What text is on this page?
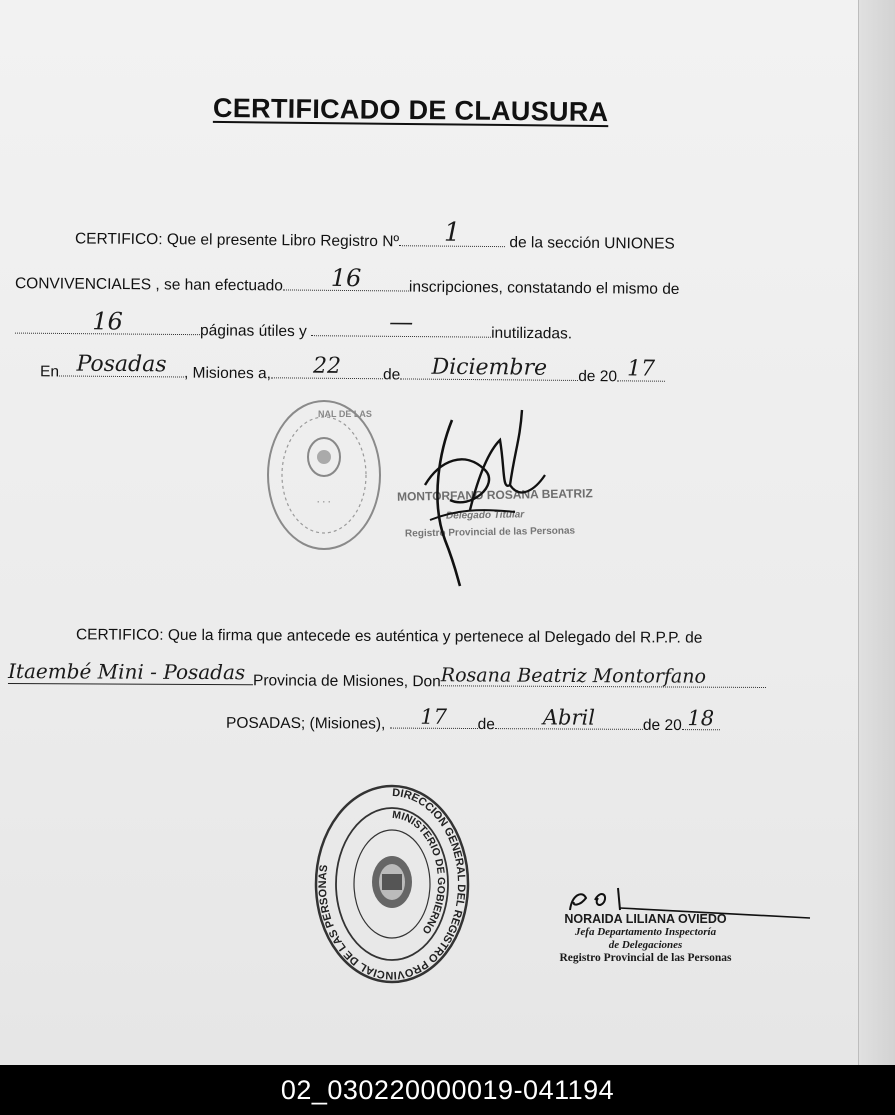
CERTIFICADO DE CLAUSURA
CERTIFICO: Que el presente Libro Registro Nº 1	de la sección UNIONES
CONVIVENCIALES , se han efectuado 16	inscripciones, constatando el mismo de
16	páginas útiles y	—	inutilizadas.
En Posadas , Misiones a, 22	de Diciembre de 20 17
· · ·
NAL DE LAS
MONTORFANO ROSANA BEATRIZ
Delegado Titular
Registro Provincial de las Personas
CERTIFICO: Que la firma que antecede es auténtica y pertenece al Delegado del R.P.P. de
Itaembé Mini - Posadas Provincia de Misiones, Don Rosana Beatriz Montorfano
POSADAS; (Misiones), 17 de Abril	de 20 18
DIRECCION GENERAL DEL REGISTRO PROVINCIAL DE LAS PERSONAS
MINISTERIO DE GOBIERNO
NORAIDA LILIANA OVIEDO
Jefa Departamento Inspectoría
de Delegaciones
Registro Provincial de las Personas
02_030220000019-041194
